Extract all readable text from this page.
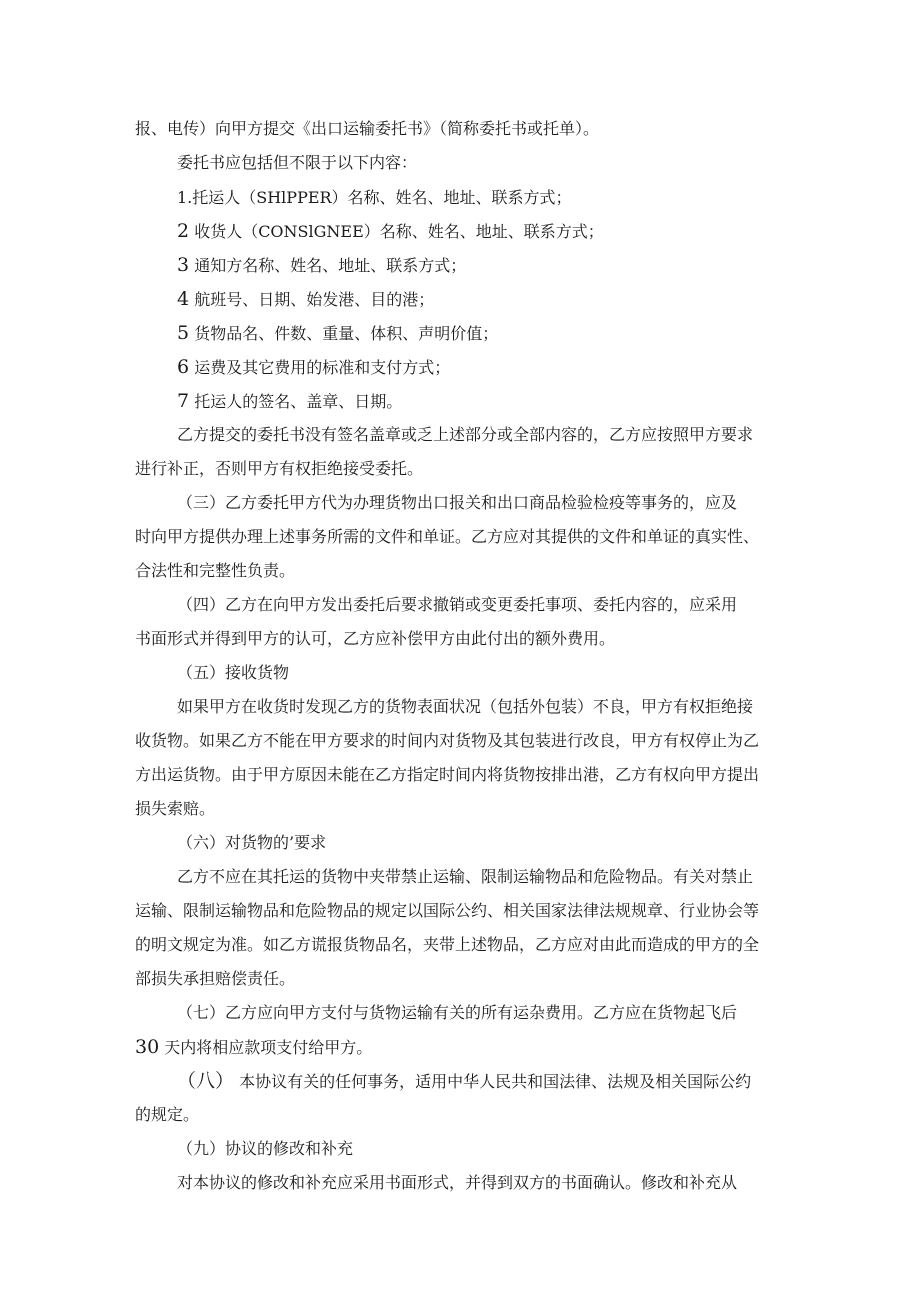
报、电传）向甲方提交《出口运输委托书》（简称委托书或托单）。

委托书应包括但不限于以下内容：

1.托运人（SHlPPER）名称、姓名、地址、联系方式；

2 收货人（CONSlGNEE）名称、姓名、地址、联系方式；

3 通知方名称、姓名、地址、联系方式；

4 航班号、日期、始发港、目的港；

5 货物品名、件数、重量、体积、声明价值；

6 运费及其它费用的标准和支付方式；

7 托运人的签名、盖章、日期。

乙方提交的委托书没有签名盖章或乏上述部分或全部内容的，乙方应按照甲方要求

进行补正，否则甲方有权拒绝接受委托。

（三）乙方委托甲方代为办理货物出口报关和出口商品检验检疫等事务的，应及

时向甲方提供办理上述事务所需的文件和单证。乙方应对其提供的文件和单证的真实性、

合法性和完整性负责。

（四）乙方在向甲方发出委托后要求撤销或变更委托事项、委托内容的，应采用

书面形式并得到甲方的认可，乙方应补偿甲方由此付出的额外费用。

（五）接收货物

如果甲方在收货时发现乙方的货物表面状况（包括外包装）不良，甲方有权拒绝接

收货物。如果乙方不能在甲方要求的时间内对货物及其包装进行改良，甲方有权停止为乙

方出运货物。由于甲方原因未能在乙方指定时间内将货物按排出港，乙方有权向甲方提出

损失索赔。

（六）对货物的’要求

乙方不应在其托运的货物中夹带禁止运输、限制运输物品和危险物品。有关对禁止

运输、限制运输物品和危险物品的规定以国际公约、相关国家法律法规规章、行业协会等

的明文规定为准。如乙方谎报货物品名，夹带上述物品，乙方应对由此而造成的甲方的全

部损失承担赔偿责任。

（七）乙方应向甲方支付与货物运输有关的所有运杂费用。乙方应在货物起飞后

30 天内将相应款项支付给甲方。

（八） 本协议有关的任何事务，适用中华人民共和国法律、法规及相关国际公约

的规定。

（九）协议的修改和补充

对本协议的修改和补充应采用书面形式，并得到双方的书面确认。修改和补充从
